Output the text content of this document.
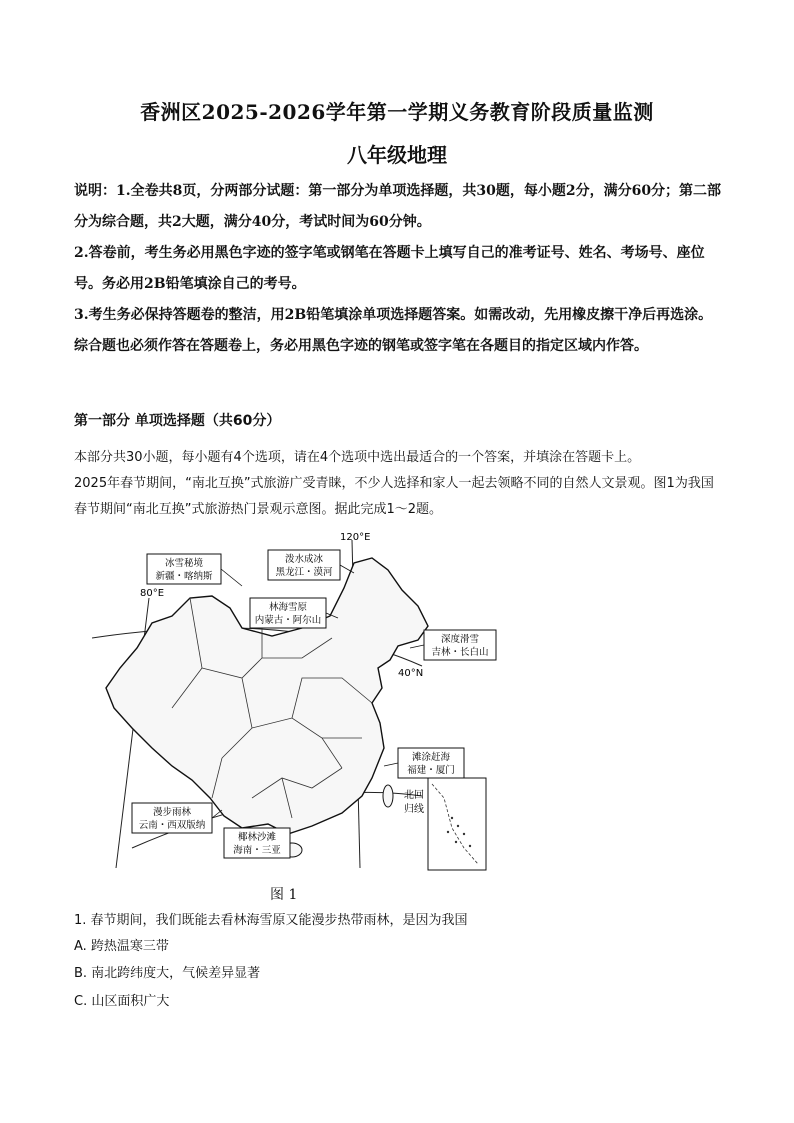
香洲区2025-2026学年第一学期义务教育阶段质量监测
八年级地理
说明：1.全卷共8页，分两部分试题：第一部分为单项选择题，共30题，每小题2分，满分60分；第二部分为综合题，共2大题，满分40分，考试时间为60分钟。
2.答卷前，考生务必用黑色字迹的签字笔或钢笔在答题卡上填写自己的准考证号、姓名、考场号、座位号。务必用2B铅笔填涂自己的考号。
3.考生务必保持答题卷的整洁，用2B铅笔填涂单项选择题答案。如需改动，先用橡皮擦干净后再选涂。综合题也必须作答在答题卷上，务必用黑色字迹的钢笔或签字笔在各题目的指定区域内作答。
第一部分 单项选择题（共60分）
本部分共30小题，每小题有4个选项，请在4个选项中选出最适合的一个答案，并填涂在答题卡上。
2025年春节期间，“南北互换”式旅游广受青睐，不少人选择和家人一起去领略不同的自然人文景观。图1为我国春节期间“南北互换”式旅游热门景观示意图。据此完成1～2题。
120°E
80°E
40°N
北回
归线
冰雪秘境
新疆・喀纳斯
泼水成冰
黑龙江・漠河
林海雪原
内蒙古・阿尔山
深度滑雪
吉林・长白山
滩涂赶海
福建・厦门
漫步雨林
云南・西双版纳
椰林沙滩
海南・三亚
图 1
1. 春节期间，我们既能去看林海雪原又能漫步热带雨林，是因为我国
A. 跨热温寒三带
B. 南北跨纬度大，气候差异显著
C. 山区面积广大
